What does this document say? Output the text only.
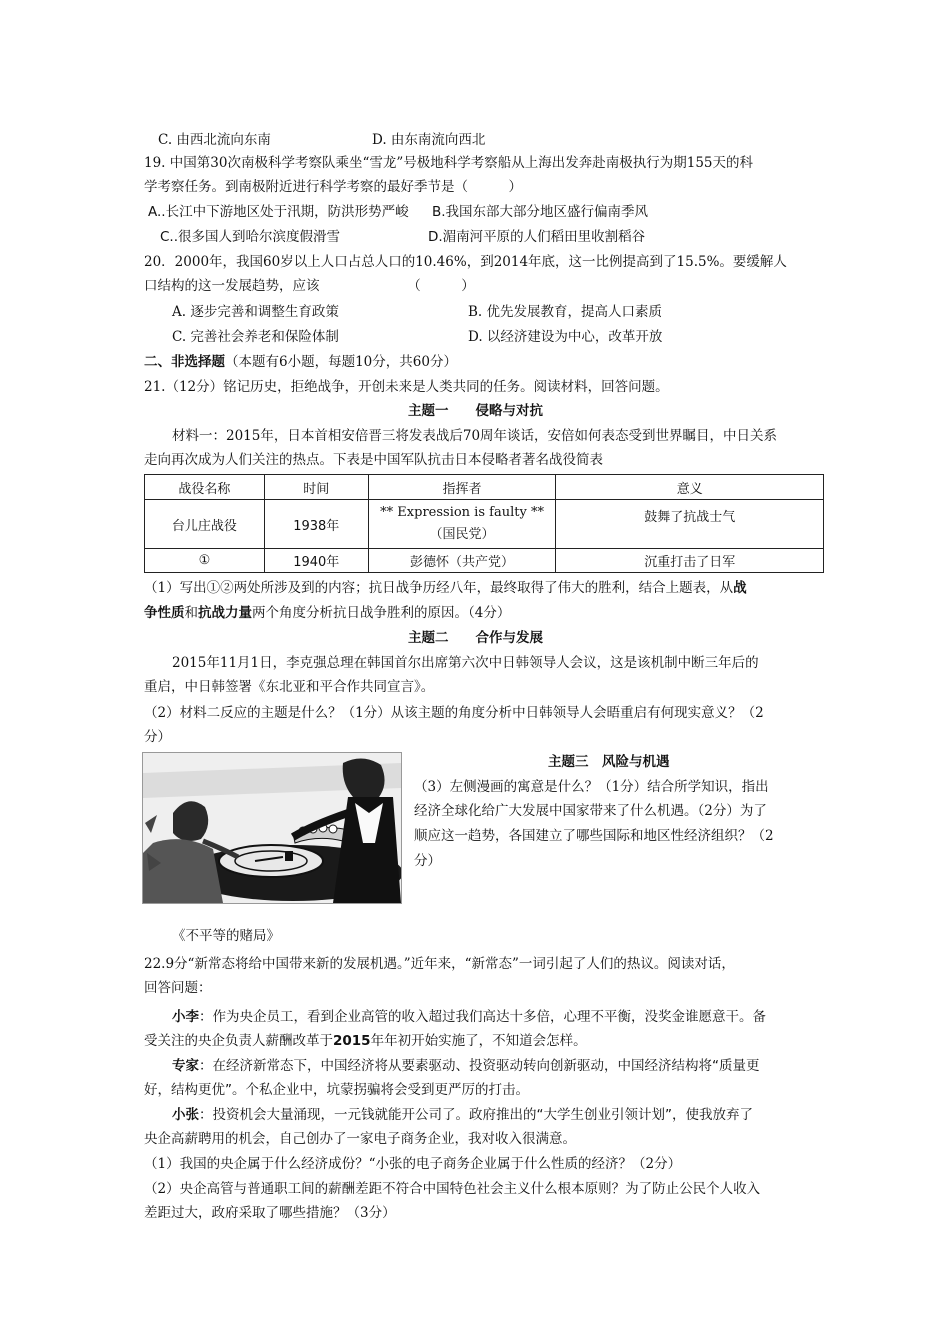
C. 由西北流向东南	D. 由东南流向西北
19. 中国第30次南极科学考察队乘坐“雪龙”号极地科学考察船从上海出发奔赴南极执行为期155天的科
学考察任务。到南极附近进行科学考察的最好季节是（　　　）
A..长江中下游地区处于汛期，防洪形势严峻 B.我国东部大部分地区盛行偏南季风
C..很多国人到哈尔滨度假滑雪	D.湄南河平原的人们稻田里收割稻谷
20．2000年，我国60岁以上人口占总人口的10.46%，到2014年底，这一比例提高到了15.5%。要缓解人
口结构的这一发展趋势，应该　　　　　　　（　　　）
A. 逐步完善和调整生育政策	B. 优先发展教育，提高人口素质
C. 完善社会养老和保险体制	D. 以经济建设为中心，改革开放
二、非选择题（本题有6小题，每题10分，共60分）
21.（12分）铭记历史，拒绝战争，开创未来是人类共同的任务。阅读材料，回答问题。
主题一　　侵略与对抗
材料一：2015年，日本首相安倍晋三将发表战后70周年谈话，安倍如何表态受到世界瞩目，中日关系
走向再次成为人们关注的热点。下表是中国军队抗击日本侵略者著名战役简表
战役名称	时间	指挥者	意义
台儿庄战役	1938年	** Expression is faulty **（国民党）	鼓舞了抗战士气
①	1940年	彭德怀（共产党）	沉重打击了日军
（1）写出①②两处所涉及到的内容；抗日战争历经八年，最终取得了伟大的胜利，结合上题表，从战
争性质和抗战力量两个角度分析抗日战争胜利的原因。（4分）
主题二　　合作与发展
2015年11月1日，李克强总理在韩国首尔出席第六次中日韩领导人会议，这是该机制中断三年后的
重启，中日韩签署《东北亚和平合作共同宣言》。
（2）材料二反应的主题是什么？（1分）从该主题的角度分析中日韩领导人会晤重启有何现实意义？（2
分）
主题三　风险与机遇
（3）左侧漫画的寓意是什么？（1分）结合所学知识，指出
经济全球化给广大发展中国家带来了什么机遇。（2分）为了
顺应这一趋势，各国建立了哪些国际和地区性经济组织？（2
分）
《不平等的赌局》
22.9分“新常态将给中国带来新的发展机遇。”近年来，“新常态”一词引起了人们的热议。阅读对话，
回答问题：
小李：作为央企员工，看到企业高管的收入超过我们高达十多倍，心理不平衡，没奖金谁愿意干。备
受关注的央企负责人薪酬改革于2015年年初开始实施了，不知道会怎样。
专家：在经济新常态下，中国经济将从要素驱动、投资驱动转向创新驱动，中国经济结构将“质量更
好，结构更优”。个私企业中，坑蒙拐骗将会受到更严厉的打击。
小张：投资机会大量涌现，一元钱就能开公司了。政府推出的“大学生创业引领计划”，使我放弃了
央企高薪聘用的机会，自己创办了一家电子商务企业，我对收入很满意。
（1）我国的央企属于什么经济成份？“小张的电子商务企业属于什么性质的经济？（2分）
（2）央企高管与普通职工间的薪酬差距不符合中国特色社会主义什么根本原则？为了防止公民个人收入
差距过大，政府采取了哪些措施？（3分）
